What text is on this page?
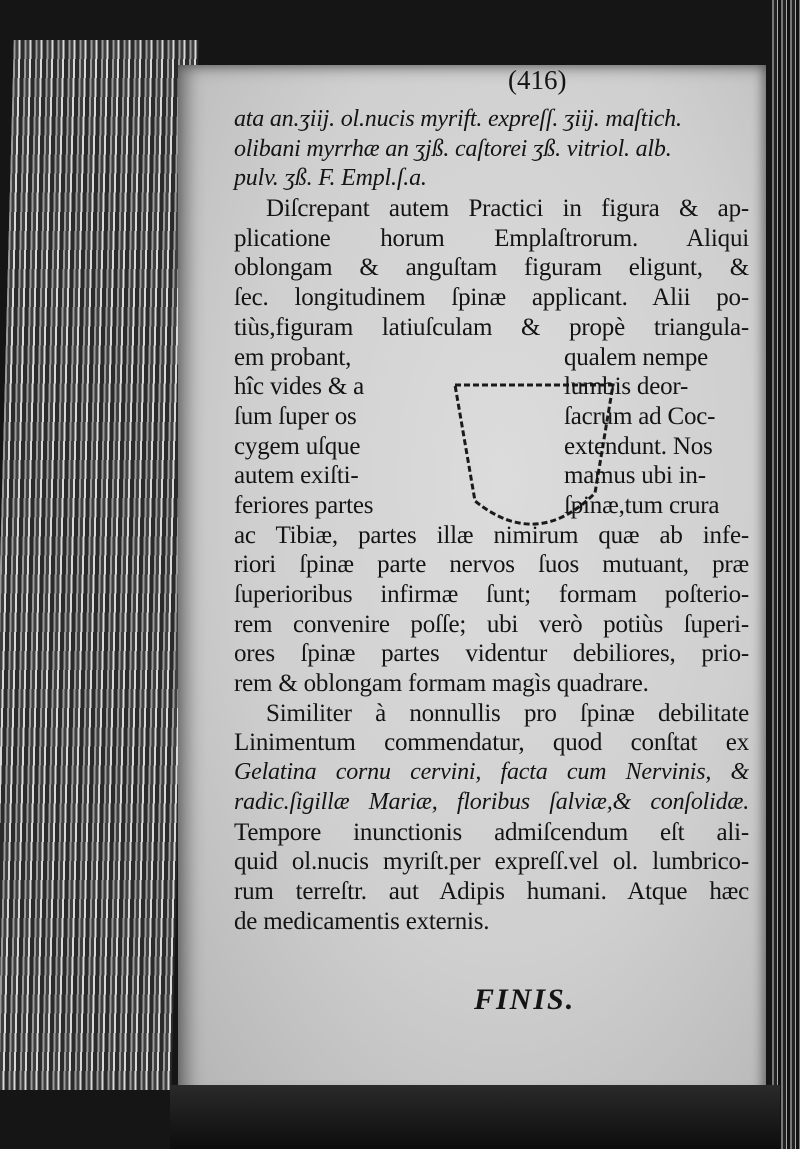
(416)
ata an.ʒiij. ol.nucis myrift. expreſſ. ʒiij. maſtich.
olibani myrrhæ an ʒjß. caſtorei ʒß. vitriol. alb.
pulv. ʒß. F. Empl.ſ.a.
Diſcrepant autem Practici in figura & ap-
plicatione horum Emplaſtrorum. Aliqui
oblongam & anguſtam figuram eligunt, &
ſec. longitudinem ſpinæ applicant. Alii po-
tiùs,figuram latiuſculam & propè triangula-
em probant,	qualem nempe
hîc vides & a	lumbis deor-
ſum ſuper os	ſacrum ad Coc-
cygem uſque	extendunt. Nos
autem exiſti-	mamus ubi in-
feriores partes	ſpinæ,tum crura
ac Tibiæ, partes illæ nimirum quæ ab infe-
riori ſpinæ parte nervos ſuos mutuant, præ
ſuperioribus infirmæ ſunt; formam poſterio-
rem convenire poſſe; ubi verò potiùs ſuperi-
ores ſpinæ partes videntur debiliores, prio-
rem & oblongam formam magìs quadrare.
Similiter à nonnullis pro ſpinæ debilitate
Linimentum commendatur, quod conſtat ex
Gelatina cornu cervini, facta cum Nervinis, &
radic.ſigillæ Mariæ, floribus ſalviæ,& conſolidæ.
Tempore inunctionis admiſcendum eſt ali-
quid ol.nucis myriſt.per expreſſ.vel ol. lumbrico-
rum terreſtr. aut Adipis humani. Atque hæc
de medicamentis externis.
FINIS.
